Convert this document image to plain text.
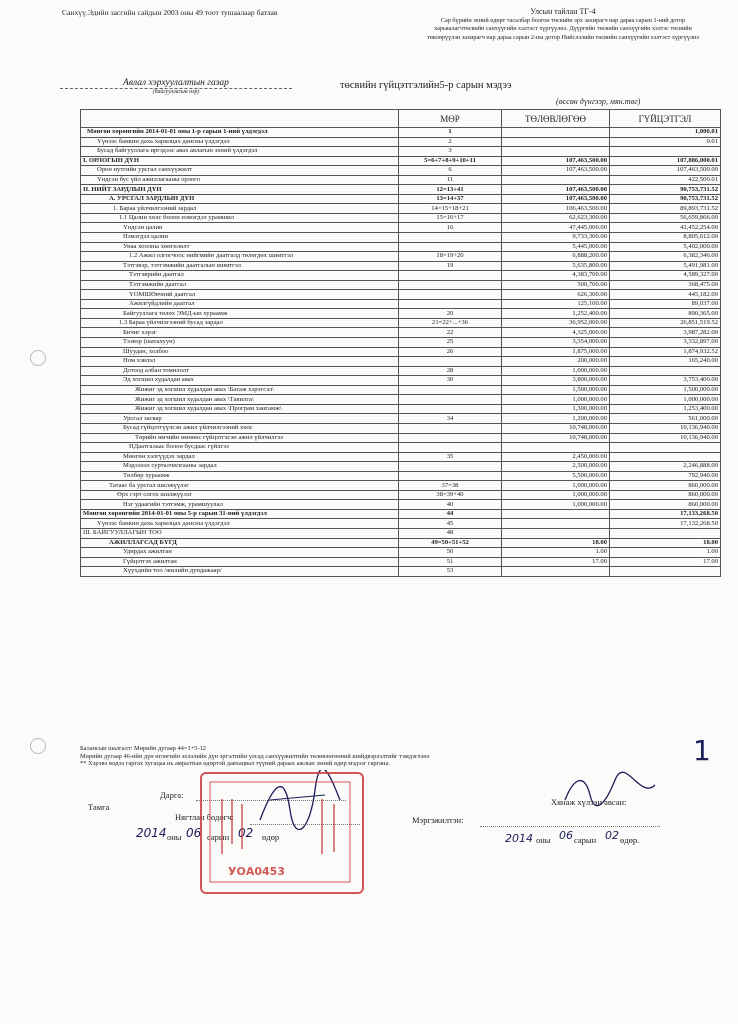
Санхүү.Эдийн засгийн сайдын 2003 оны 49 тоот тушаалаар батлав	Улсын тайлан ТГ-4
Сар бүрийн эхний өдөрт тасалбар болгон төсвийн эрх захирагч нар дараа сарын 1-ний дотор харьяалагчтөсвийн санхүүгийн хэлтэст хүргүүлнэ. Дүүргийн төсвийн санхүүгийн хэлтэс төсвийн төвлөрүүлэн захирагч нар дараа сарын 2-ны дотор Нийслэлийн төсвийн санхүүгийн хэлтэст хүргүүлнэ
Авлал хэрхуулалтын газар
(байгууллагын нэр)
төсвийн гүйцэтгэлийн5-р сарын мэдээ
(өссөн дүнгээр, мян.төг)
	МӨР	ТӨЛӨВЛӨГӨӨ	ГҮЙЦЭТГЭЛ
Мөнгөн хөрөнгийн 2014-01-01 оны 1-р сарын 1-ний үлдэгдэл	1		1,000.01
Үүнээс банкин дахь харилцах дансны үлдэгдэл	2		0.01
Бусад байгууллага иргэдээс авах авлагын эхний үлдэгдэл	3		
I. ОРЛОГЫН ДҮН	5=6+7+8+9+10+11	107,463,500.00	107,886,000.01
Орон нутгийн урсгал санхүүжилт	6	107,463,500.00	107,463,500.00
Үндсэн бус үйл ажиллагааны орлого	11		422,500.01
II. НИЙТ ЗАРДЛЫН ДҮН	12=13+41	107,463,500.00	90,753,731.52
А. УРСГАЛ ЗАРДЛЫН ДҮН	13=14+37	107,463,500.00	90,753,731.52
1. Бараа үйлчилгээний зардал	14=15+18+21	106,463,500.00	89,893,731.52
1.1 Цалин хөлс болон нэмэгдэл урамшил	15=16+17	62,623,300.00	56,659,866.00
Үндсэн цалин	16	47,445,000.00	42,452,254.00
Нэмэгдэл цалин		9,733,300.00	8,805,612.00
Унаа хоолны хөнгөлөлт		5,445,000.00	5,402,000.00
1.2 Ажил олгогчоос нийгмийн даатгалд төлөгдөх шимтгэл	18=19+20	6,888,200.00	6,382,346.00
Тэтгэвэр, тэтгэмжийн даатгалын шимтгэл	19	5,635,800.00	5,491,981.00
Тэтгэврийн даатгал		4,383,700.00	4,589,327.00
Тэтгэмжийн даатгал		500,700.00	368,475.00
ҮОМШӨвчний даатгал		626,300.00	445,182.00
Ажилгүйдлийн даатгал		125,100.00	89,037.00
Байгууллага төлөх ЭМД-ын хураамж	20	1,252,400.00	890,365.00
1.3 Бараа үйлчилгээний бусад зардал	21=22+...+36	36,952,000.00	26,851,519.52
Бичиг хэрэг	22	4,325,000.00	3,987,282.00
Тээвэр (шатахуун)	25	3,354,000.00	3,332,897.00
Шуудан, холбоо	26	1,875,000.00	1,874,932.52
Ном хэвлэл		200,000.00	165,240.00
Дотоод албан томилолт	28	1,000,000.00	
Эд хогшил худалдан авах	30	3,800,000.00	3,753,400.00
Жижиг эд хогшил худалдан авах \Багаж хэрэгсэл\		1,500,000.00	1,500,000.00
Жижиг эд хогшил худалдан авах \Тавилга\		1,000,000.00	1,000,000.00
Жижиг эд хогшил худалдан авах \Програм хангамж\		1,300,000.00	1,253,400.00
Урсгал засвар	34	1,200,000.00	561,000.00
Бусад гүйцэтгүүлсэн ажил үйлчилгээний хөлс		10,748,000.00	10,136,940.00
Төрийн өмчийн өмнөөс гүйцэтгэсэн ажил үйлчилгээ		10,748,000.00	10,136,940.00
НДаатгалаас болон бусдаас гүйлгээ			
Мөнгөн хэлгүүдэх зардал	35	2,450,000.00	
Мэдээлэл сурталчилгааны зардал		2,500,000.00	2,246,888.00
Төлбөр хураамж		5,500,000.00	792,940.00
Татаас ба урсгал шилжүүлэг	37=38	1,000,000.00	860,000.00
Өрх гэрт олгох шилжүүлэг	38=39+40	1,000,000.00	860,000.00
Нэг удаагийн тэтгэмж, урамшуулал	40	1,000,000.00	860,000.00
Мөнгөн хөрөнгийн 2014-01-01 оны 5-р сарын 31-ний үлдэгдэл	44		17,133,268.50
Үүнээс банкин дахь харилцах дансны үлдэгдэл	45		17,132,268.50
III. БАЙГУУЛЛАГЫН ТОО	48		
АЖИЛЛАГСАД БҮГД	49=50+51+52	18.00	18.00
Удирдах ажилтан	50	1.00	1.00
Гүйцэтгэх ажилтан	51	17.00	17.00
Хүүхдийн тоо /жилийн дундажаар/	53		
Балансын шалгалт: Мөрийн дугаар 44=1+5-12
Мөрийн дугаар 46-ийн дүн өглөгийн эхлэлийн дүн эргэлтийн улсад санхүүжилтийн төлөвлөгөөний шийдвэрлэлтийг тэмдэглэнэ
** Хэрэвэ мэдээ гаргах хугацаа нь амралтын өдөртэй давхацвал түүний дараах ажлын эхний өдөр мэдээг гаргана.
Дарга:
Тамга
Нягтлан бодогч:
Хянаж хүлээн авсан:
Мэргэжилтэн:
2014 оны 06 сарын 02 өдөр	2014 оны 06 сарын 02 өдөр.
УОА0453
1
